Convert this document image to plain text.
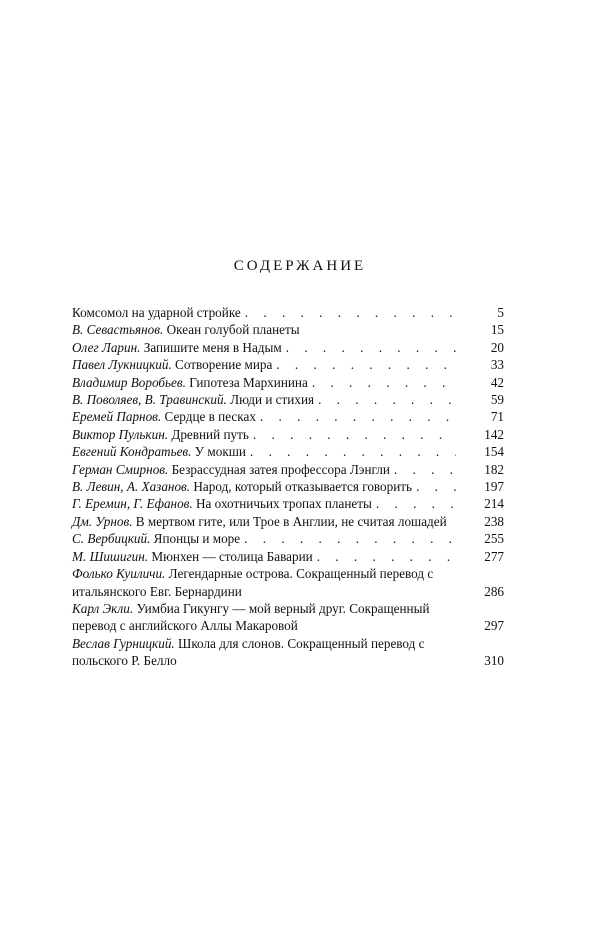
СОДЕРЖАНИЕ
Комсомол на ударной стройке . . .	5
В. Севастьянов. Океан голубой планеты	15
Олег Ларин. Запишите меня в Надым . . .	20
Павел Лукницкий. Сотворение мира . . .	33
Владимир Воробьев. Гипотеза Мархинина . . .	42
В. Поволяев, В. Травинский. Люди и стихия . . .	59
Еремей Парнов. Сердце в песках . . .	71
Виктор Пулькин. Древний путь . . .	142
Евгений Кондратьев. У мокши . . .	154
Герман Смирнов. Безрассудная затея профессора Лэнгли . . .	182
В. Левин, А. Хазанов. Народ, который отказывается говорить . . .	197
Г. Еремин, Г. Ефанов. На охотничьих тропах планеты . . .	214
Дм. Урнов. В мертвом гите, или Трое в Англии, не считая лошадей	238
С. Вербицкий. Японцы и море . . .	255
М. Шишигин. Мюнхен — столица Баварии . . .	277
Фолько Куиличи. Легендарные острова. Сокращенный перевод с итальянского Евг. Бернардини	286
Карл Экли. Уимбиа Гикунгу — мой верный друг. Сокращенный перевод с английского Аллы Макаровой	297
Веслав Гурницкий. Школа для слонов. Сокращенный перевод с польского Р. Белло	310
